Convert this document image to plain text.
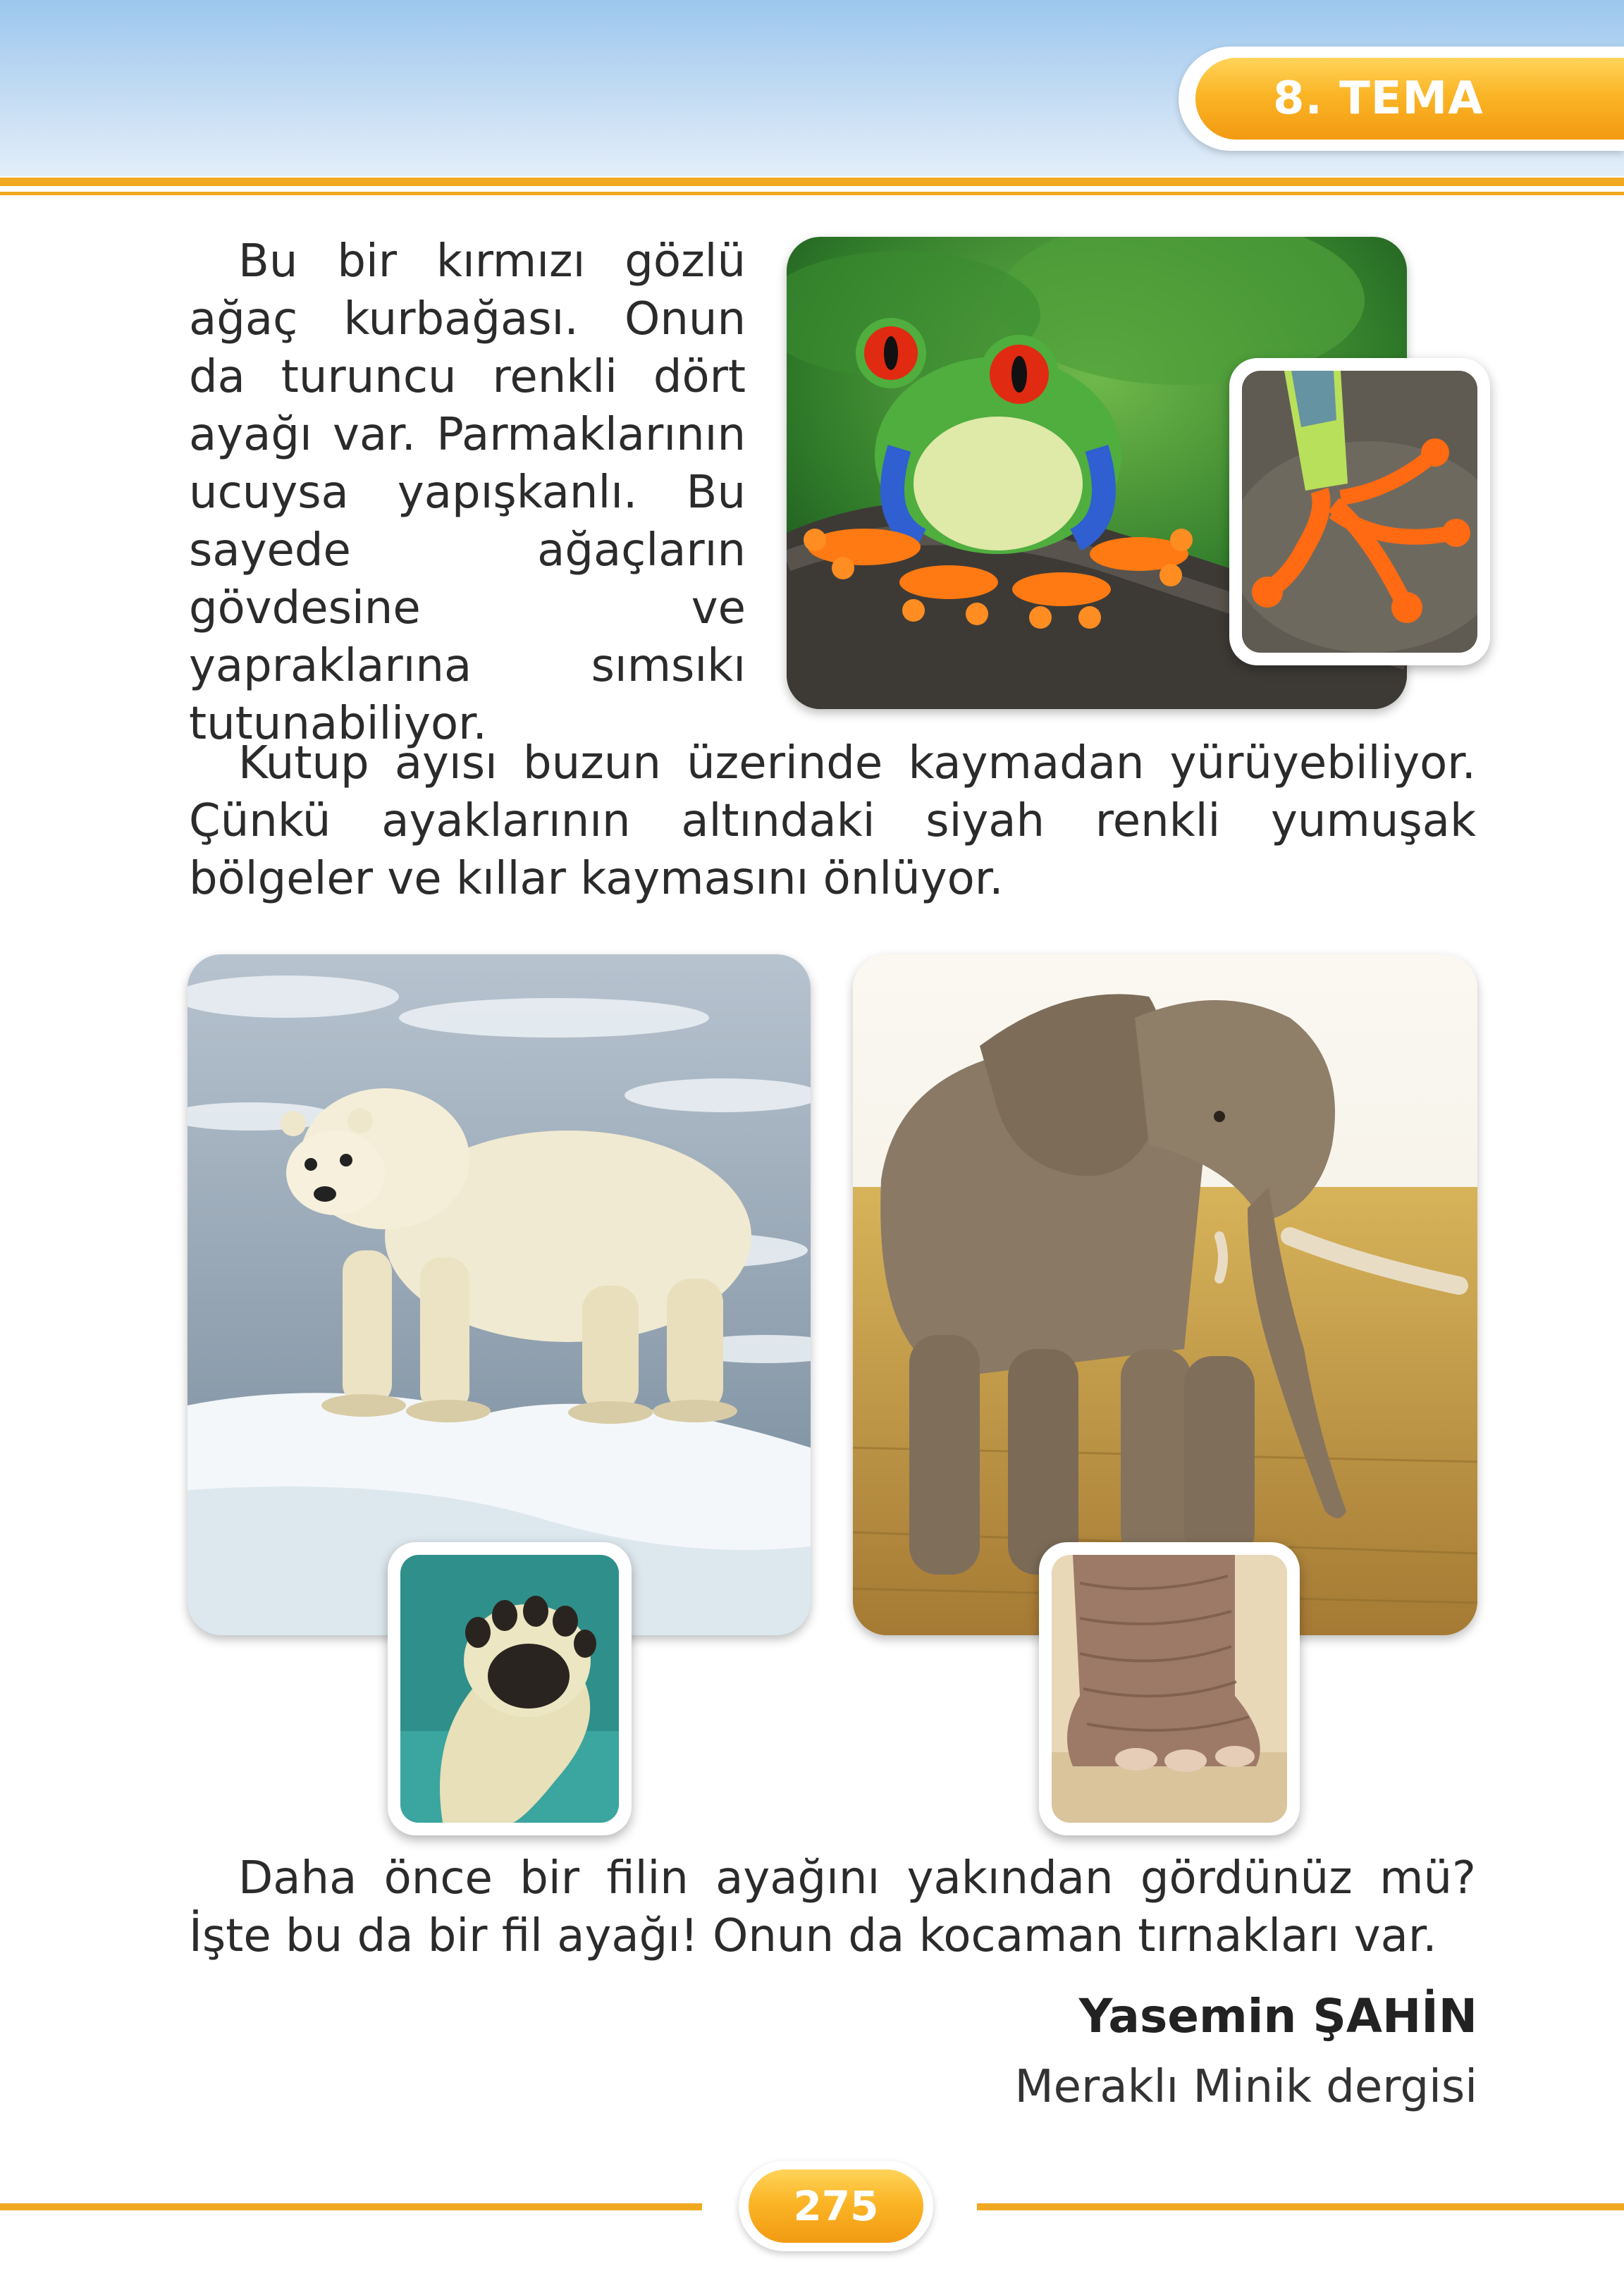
8. TEMA

Bu bir kırmızı gözlü ağaç kurbağası. Onun da turuncu renkli dört ayağı var. Parmaklarının ucuysa yapışkanlı. Bu sayede ağaçların gövdesine ve yapraklarına sımsıkı tutunabiliyor.

Kutup ayısı buzun üzerinde kaymadan yürüyebiliyor. Çünkü ayaklarının altındaki siyah renkli yumuşak bölgeler ve kıllar kaymasını önlüyor.

Daha önce bir filin ayağını yakından gördünüz mü? İşte bu da bir fil ayağı! Onun da kocaman tırnakları var.

Yasemin ŞAHİN
Meraklı Minik dergisi
275
